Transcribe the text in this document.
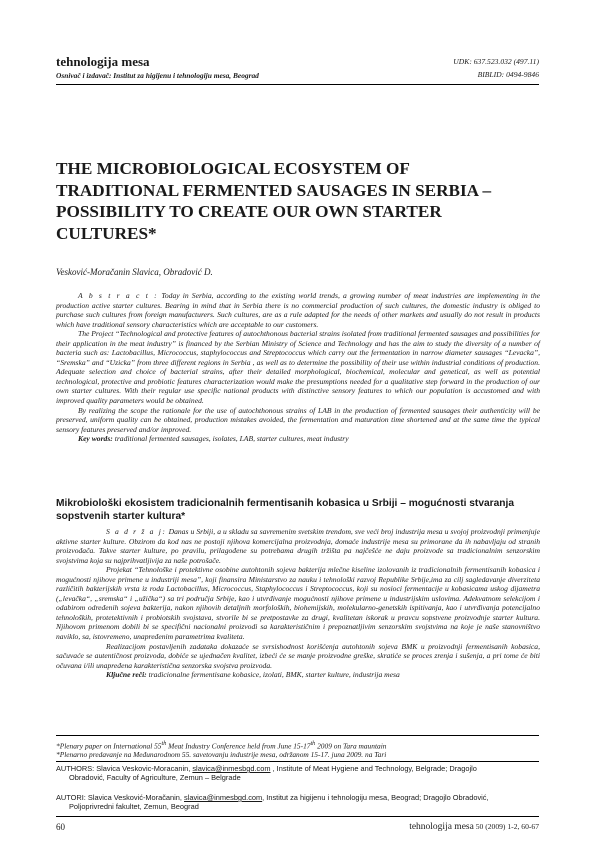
tehnologija mesa
Osnivač i izdavač: Institut za higijenu i tehnologiju mesa, Beograd
UDK: 637.523.032 (497.11)
BIBLID: 0494-9846
THE MICROBIOLOGICAL ECOSYSTEM OF TRADITIONAL FERMENTED SAUSAGES IN SERBIA – POSSIBILITY TO CREATE OUR OWN STARTER CULTURES*
Vesković-Moračanin Slavica, Obradović D.

A b s t r a c t : Today in Serbia, according to the existing world trends, a growing number of meat industries are implementing in the production active starter cultures. Bearing in mind that in Serbia there is no commercial production of such cultures, the domestic industry is obliged to purchase such cultures from foreign manufacturers. Such cultures, are as a rule adapted for the needs of other markets and usually do not result in products which have traditional sensory characteristics which are acceptable to our customers.

The Project “Technological and protective features of autochthonous bacterial strains isolated from traditional fermented sausages and possibilities for their application in the meat industry” is financed by the Serbian Ministry of Science and Technology and has the aim to study the diversity of a number of bacteria such as: Lactobacillus, Micrococcus, staphylococcus and Streptococcus which carry out the fermentation in narrow diameter sausages “Levacka”, “Sremska” and “Uzicka” from three different regions in Serbia , as well as to determine the possibility of their use within industrial conditions of production. Adequate selection and choice of bacterial strains, after their detailed morphological, biochemical, molecular and genetical, as well as potential technological, protective and probiotic features characterization would make the presumptions needed for a qualitative step forward in the production of our own starter cultures. With their regular use specific national products with distinctive sensory features to which our population is accustomed and with improved quality parameters would be obtained.

By realizing the scope the rationale for the use of autochthonous strains of LAB in the production of fermented sausages their authenticity will be preserved, uniform quality can be obtained, production mistakes avoided, the fermentation and maturation time shortened and at the same time the typical sensory features preserved and/or improved.

Key words: traditional fermented sausages, isolates, LAB, starter cultures, meat industry

Mikrobiološki ekosistem tradicionalnih fermentisanih kobasica u Srbiji – mogućnosti stvaranja sopstvenih starter kultura*

S a d r ž a j: Danas u Srbiji, a u skladu sa savremenim svetskim trendom, sve veći broj industrija mesa u svojoj proizvodnji primenjuje aktivne starter kulture. Obzirom da kod nas ne postoji njihova komercijalna proizvodnja, domaće industrije mesa su primorane da ih nabavljaju od stranih proizvođača. Takve starter kulture, po pravilu, prilagođene su potrebama drugih tržišta pa najčešće ne daju proizvode sa tradicionalnim senzorskim svojstvima koja su najprihvatljivija za naše potrošače.

Projekat “Tehnološke i protektivne osobine autohtonih sojeva bakterija mlečne kiseline izolovanih iz tradicionalnih fermentisanih kobasica i mogućnosti njihove primene u industriji mesa”, koji finansira Ministarstvo za nauku i tehnološki razvoj Republike Srbije,ima za cilj sagledavanje diverziteta različitih bakterijskih vrsta iz roda Lactobacillus, Micrococcus, Staphylococcus i Streptococcus, koji su nosioci fermentacije u kobasicama uskog dijametra („levačka“, „sremska“ i „užička“) sa tri područja Srbije, kao i utvrđivanje mogućnosti njihove primene u industrijskim uslovima. Adekvatnom selekcijom i odabirom određenih sojeva bakterija, nakon njihovih detaljnih morfoloških, biohemijskih, molekularno-genetskih ispitivanja, kao i utvrđivanja potencijalno tehnoloških, protetektivnih i probiotskih svojstava, stvorile bi se pretpostavke za drugi, kvalitetan iskorak u pravcu sopstvene proizvodnje starter kultura. Njihovom primenom dobili bi se specifični nacionalni proizvodi sa karakterističnim i prepoznatljivim senzorskim svojstvima na koje je naše stanovništvo naviklo, sa, istovremeno, unapređenim parametrima kvaliteta.

Realizacijom postavljenih zadataka dokazaće se svrsishodnost korišćenja autohtonih sojeva BMK u proizvodnji fermentisanih kobasica, sačuvaće se autentičnost proizvoda, dobiće se ujednačen kvalitet, izbeći će se manje proizvodne greške, skratiće se proces zrenja i sušenja, a pri tome će biti očuvana i/ili unapređena karakteristična senzorska svojstva proizvoda.

Ključne reči: tradicionalne fermentisane kobasice, izolati, BMK, starter kulture, industrija mesa

*Plenary paper on International 55th Meat Industry Conference held from June 15-17th 2009 on Tara mauntain
*Plenarno predavanje na Međunarodnom 55. savetovanju industrije mesa, održanom 15-17. juna 2009. na Tari
AUTHORS: Slavica Veskovic-Moracanin, slavica@inmesbgd.com , Institute of Meat Hygiene and Technology, Belgrade; Dragojlo
Obradović, Faculty of Agriculture, Zemun – Belgrade
AUTORI: Slavica Vesković-Moračanin, slavica@inmesbgd.com, Institut za higijenu i tehnologiju mesa, Beograd; Dragojlo Obradović,
Poljoprivredni fakultet, Zemun, Beograd
60	tehnologija mesa 50 (2009) 1-2, 60-67
